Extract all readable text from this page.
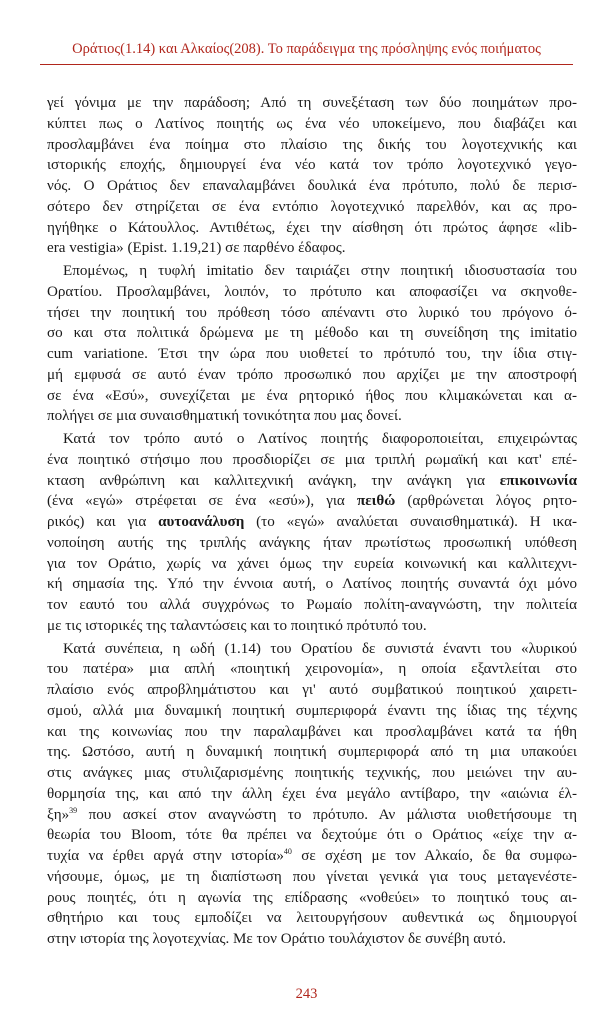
Οράτιος(1.14) και Αλκαίος(208). Το παράδειγμα της πρόσληψης ενός ποιήματος
γεί γόνιμα με την παράδοση; Από τη συνεξέταση των δύο ποιημάτων προ-
κύπτει πως ο Λατίνος ποιητής ως ένα νέο υποκείμενο, που διαβάζει και
προσλαμβάνει ένα ποίημα στο πλαίσιο της δικής του λογοτεχνικής και
ιστορικής εποχής, δημιουργεί ένα νέο κατά τον τρόπο λογοτεχνικό γεγο-
νός. Ο Οράτιος δεν επαναλαμβάνει δουλικά ένα πρότυπο, πολύ δε περισ-
σότερο δεν στηρίζεται σε ένα εντόπιο λογοτεχνικό παρελθόν, και ας προ-
ηγήθηκε ο Κάτουλλος. Αντιθέτως, έχει την αίσθηση ότι πρώτος άφησε «lib-
era vestigia» (Epist. 1.19,21) σε παρθένο έδαφος.
Επομένως, η τυφλή imitatio δεν ταιριάζει στην ποιητική ιδιοσυστασία του
Ορατίου. Προσλαμβάνει, λοιπόν, το πρότυπο και αποφασίζει να σκηνοθε-
τήσει την ποιητική του πρόθεση τόσο απέναντι στο λυρικό του πρόγονο ό-
σο και στα πολιτικά δρώμενα με τη μέθοδο και τη συνείδηση της imitatio
cum variatione. Έτσι την ώρα που υιοθετεί το πρότυπό του, την ίδια στιγ-
μή εμφυσά σε αυτό έναν τρόπο προσωπικό που αρχίζει με την αποστροφή
σε ένα «Εσύ», συνεχίζεται με ένα ρητορικό ήθος που κλιμακώνεται και α-
πολήγει σε μια συναισθηματική τονικότητα που μας δονεί.
Κατά τον τρόπο αυτό ο Λατίνος ποιητής διαφοροποιείται, επιχειρώντας
ένα ποιητικό στήσιμο που προσδιορίζει σε μια τριπλή ρωμαϊκή και κατ' επέ-
κταση ανθρώπινη και καλλιτεχνική ανάγκη, την ανάγκη για επικοινωνία
(ένα «εγώ» στρέφεται σε ένα «εσύ»), για πειθώ (αρθρώνεται λόγος ρητο-
ρικός) και για αυτοανάλυση (το «εγώ» αναλύεται συναισθηματικά). Η ικα-
νοποίηση αυτής της τριπλής ανάγκης ήταν πρωτίστως προσωπική υπόθεση
για τον Οράτιο, χωρίς να χάνει όμως την ευρεία κοινωνική και καλλιτεχνι-
κή σημασία της. Υπό την έννοια αυτή, ο Λατίνος ποιητής συναντά όχι μόνο
τον εαυτό του αλλά συγχρόνως το Ρωμαίο πολίτη-αναγνώστη, την πολιτεία
με τις ιστορικές της ταλαντώσεις και το ποιητικό πρότυπό του.
Κατά συνέπεια, η ωδή (1.14) του Ορατίου δε συνιστά έναντι του «λυρικού
του πατέρα» μια απλή «ποιητική χειρονομία», η οποία εξαντλείται στο
πλαίσιο ενός απροβλημάτιστου και γι' αυτό συμβατικού ποιητικού χαιρετι-
σμού, αλλά μια δυναμική ποιητική συμπεριφορά έναντι της ίδιας της τέχνης
και της κοινωνίας που την παραλαμβάνει και προσλαμβάνει κατά τα ήθη
της. Ωστόσο, αυτή η δυναμική ποιητική συμπεριφορά από τη μια υπακούει
στις ανάγκες μιας στυλιζαρισμένης ποιητικής τεχνικής, που μειώνει την αυ-
θορμησία της, και από την άλλη έχει ένα μεγάλο αντίβαρο, την «αιώνια έλ-
ξη»$^{39}$ που ασκεί στον αναγνώστη το πρότυπο. Αν μάλιστα υιοθετήσουμε τη
θεωρία του Bloom, τότε θα πρέπει να δεχτούμε ότι ο Οράτιος «είχε την α-
τυχία να έρθει αργά στην ιστορία»$^{40}$ σε σχέση με τον Αλκαίο, δε θα συμφω-
νήσουμε, όμως, με τη διαπίστωση που γίνεται γενικά για τους μεταγενέστε-
ρους ποιητές, ότι η αγωνία της επίδρασης «νοθεύει» το ποιητικό τους αι-
σθητήριο και τους εμποδίζει να λειτουργήσουν αυθεντικά ως δημιουργοί
στην ιστορία της λογοτεχνίας. Με τον Οράτιο τουλάχιστον δε συνέβη αυτό.
243
